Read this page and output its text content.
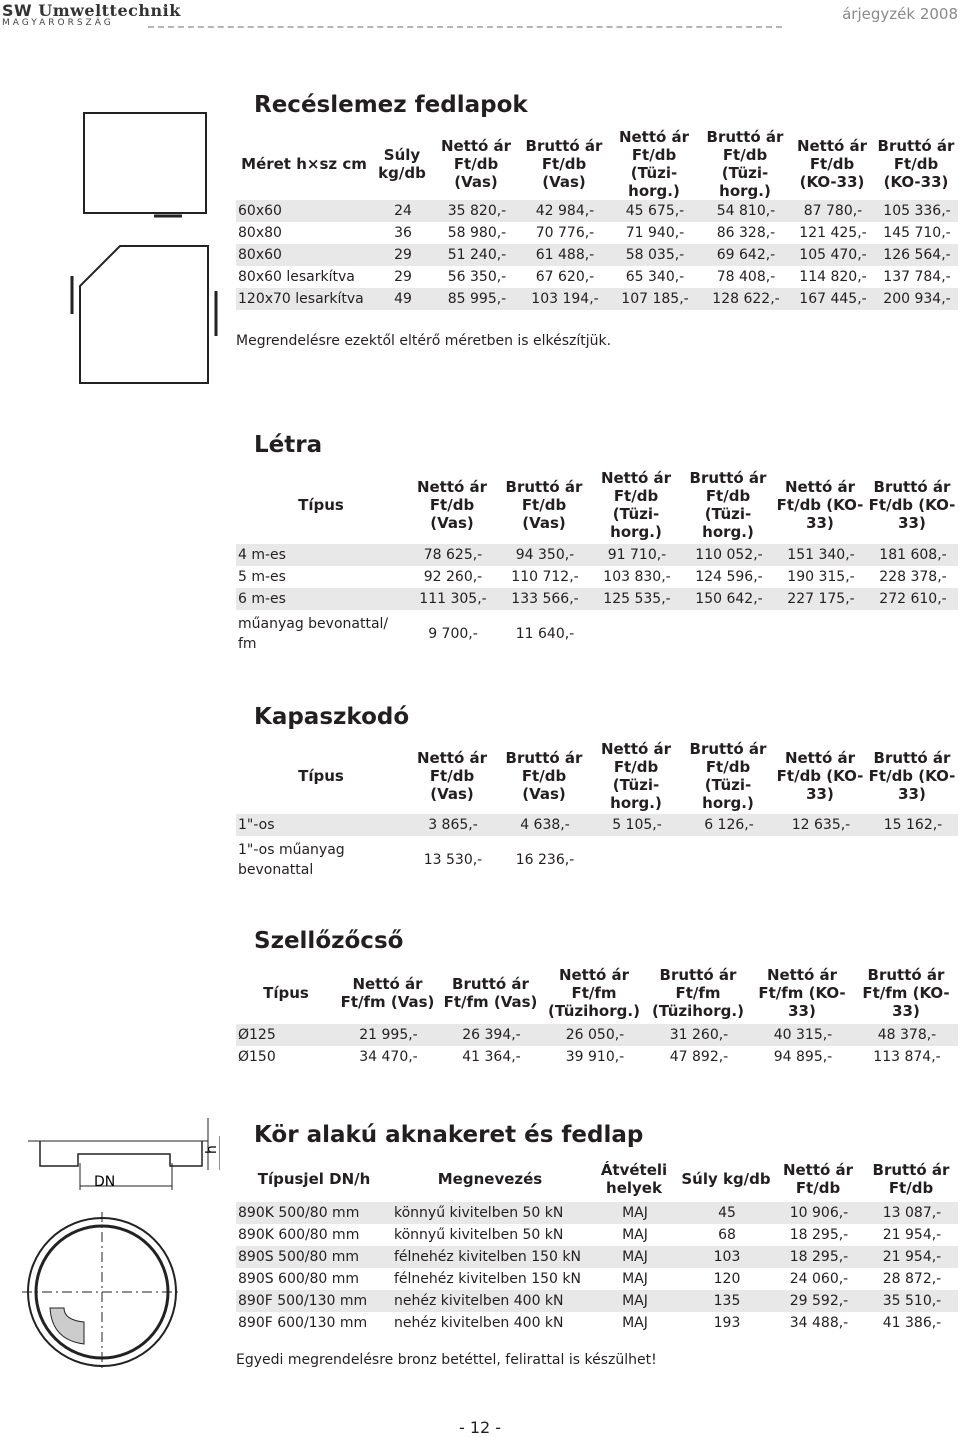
SW Umwelttechnik
MAGYARORSZÁG	árjegyzék 2008
Recéslemez fedlapok
Méret h×sz cm	Súly kg/db	Nettó ár Ft/db (Vas)	Bruttó ár Ft/db (Vas)	Nettó ár Ft/db (Tüzi-horg.)	Bruttó ár Ft/db (Tüzi-horg.)	Nettó ár Ft/db (KO-33)	Bruttó ár Ft/db (KO-33)
60x60	24	35 820,-	42 984,-	45 675,-	54 810,-	87 780,-	105 336,-
80x80	36	58 980,-	70 776,-	71 940,-	86 328,-	121 425,-	145 710,-
80x60	29	51 240,-	61 488,-	58 035,-	69 642,-	105 470,-	126 564,-
80x60 lesarkítva	29	56 350,-	67 620,-	65 340,-	78 408,-	114 820,-	137 784,-
120x70 lesarkítva	49	85 995,-	103 194,-	107 185,-	128 622,-	167 445,-	200 934,-
Megrendelésre ezektől eltérő méretben is elkészítjük.
Létra
Típus	Nettó ár Ft/db (Vas)	Bruttó ár Ft/db (Vas)	Nettó ár Ft/db (Tüzi-horg.)	Bruttó ár Ft/db (Tüzi-horg.)	Nettó ár Ft/db (KO-33)	Bruttó ár Ft/db (KO-33)
4 m-es	78 625,-	94 350,-	91 710,-	110 052,-	151 340,-	181 608,-
5 m-es	92 260,-	110 712,-	103 830,-	124 596,-	190 315,-	228 378,-
6 m-es	111 305,-	133 566,-	125 535,-	150 642,-	227 175,-	272 610,-
műanyag bevonattal/ fm	9 700,-	11 640,-				
Kapaszkodó
Típus	Nettó ár Ft/db (Vas)	Bruttó ár Ft/db (Vas)	Nettó ár Ft/db (Tüzi-horg.)	Bruttó ár Ft/db (Tüzi-horg.)	Nettó ár Ft/db (KO-33)	Bruttó ár Ft/db (KO-33)
1"-os	3 865,-	4 638,-	5 105,-	6 126,-	12 635,-	15 162,-
1"-os műanyag bevonattal	13 530,-	16 236,-				
Szellőzőcső
Típus	Nettó ár Ft/fm (Vas)	Bruttó ár Ft/fm (Vas)	Nettó ár Ft/fm (Tüzihorg.)	Bruttó ár Ft/fm (Tüzihorg.)	Nettó ár Ft/fm (KO-33)	Bruttó ár Ft/fm (KO-33)
Ø125	21 995,-	26 394,-	26 050,-	31 260,-	40 315,-	48 378,-
Ø150	34 470,-	41 364,-	39 910,-	47 892,-	94 895,-	113 874,-
DN
h
Kör alakú aknakeret és fedlap
Típusjel DN/h	Megnevezés	Átvételi helyek	Súly kg/db	Nettó ár Ft/db	Bruttó ár Ft/db
890K 500/80 mm	könnyű kivitelben 50 kN	MAJ	45	10 906,-	13 087,-
890K 600/80 mm	könnyű kivitelben 50 kN	MAJ	68	18 295,-	21 954,-
890S 500/80 mm	félnehéz kivitelben 150 kN	MAJ	103	18 295,-	21 954,-
890S 600/80 mm	félnehéz kivitelben 150 kN	MAJ	120	24 060,-	28 872,-
890F 500/130 mm	nehéz kivitelben 400 kN	MAJ	135	29 592,-	35 510,-
890F 600/130 mm	nehéz kivitelben 400 kN	MAJ	193	34 488,-	41 386,-
Egyedi megrendelésre bronz betéttel, felirattal is készülhet!
- 12 -
